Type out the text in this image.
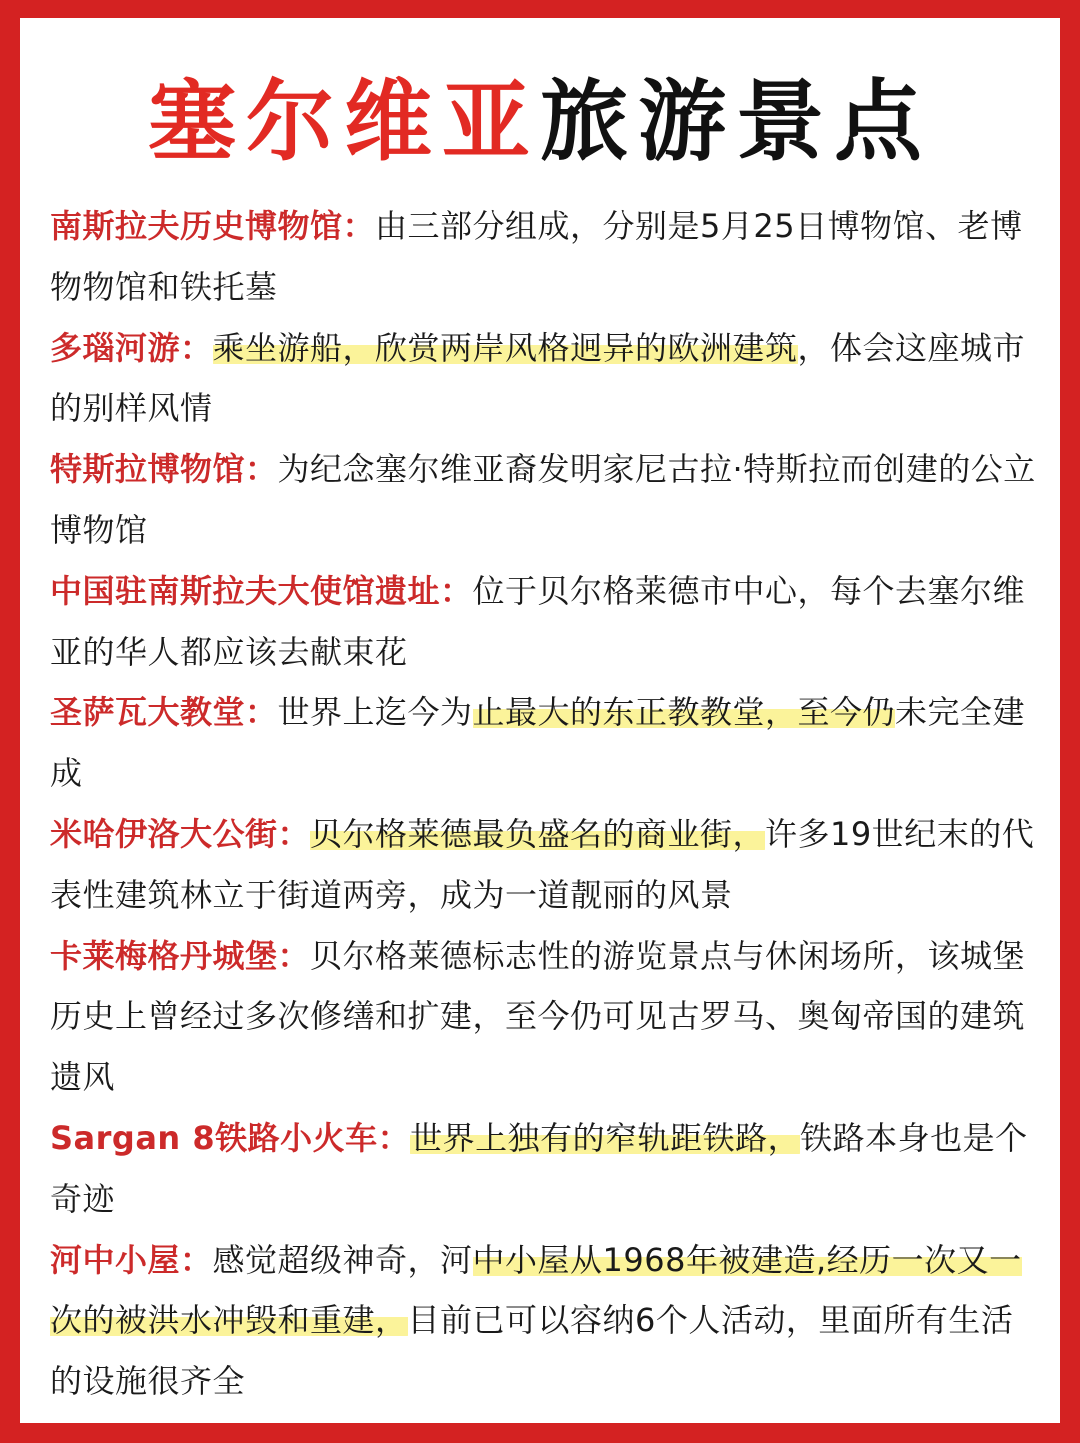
塞尔维亚旅游景点

南斯拉夫历史博物馆：由三部分组成，分别是5月25日博物馆、老博物物馆和铁托墓

多瑙河游：乘坐游船，欣赏两岸风格迥异的欧洲建筑，体会这座城市的别样风情

特斯拉博物馆：为纪念塞尔维亚裔发明家尼古拉·特斯拉而创建的公立博物馆

中国驻南斯拉夫大使馆遗址：位于贝尔格莱德市中心，每个去塞尔维亚的华人都应该去献束花

圣萨瓦大教堂：世界上迄今为止最大的东正教教堂，至今仍未完全建成

米哈伊洛大公街：贝尔格莱德最负盛名的商业街，许多19世纪末的代表性建筑林立于街道两旁，成为一道靓丽的风景

卡莱梅格丹城堡：贝尔格莱德标志性的游览景点与休闲场所，该城堡历史上曾经过多次修缮和扩建，至今仍可见古罗马、奥匈帝国的建筑遗风

Sargan 8铁路小火车：世界上独有的窄轨距铁路，铁路本身也是个奇迹

河中小屋：感觉超级神奇，河中小屋从1968年被建造,经历一次又一次的被洪水冲毁和重建，目前已可以容纳6个人活动，里面所有生活的设施很齐全
